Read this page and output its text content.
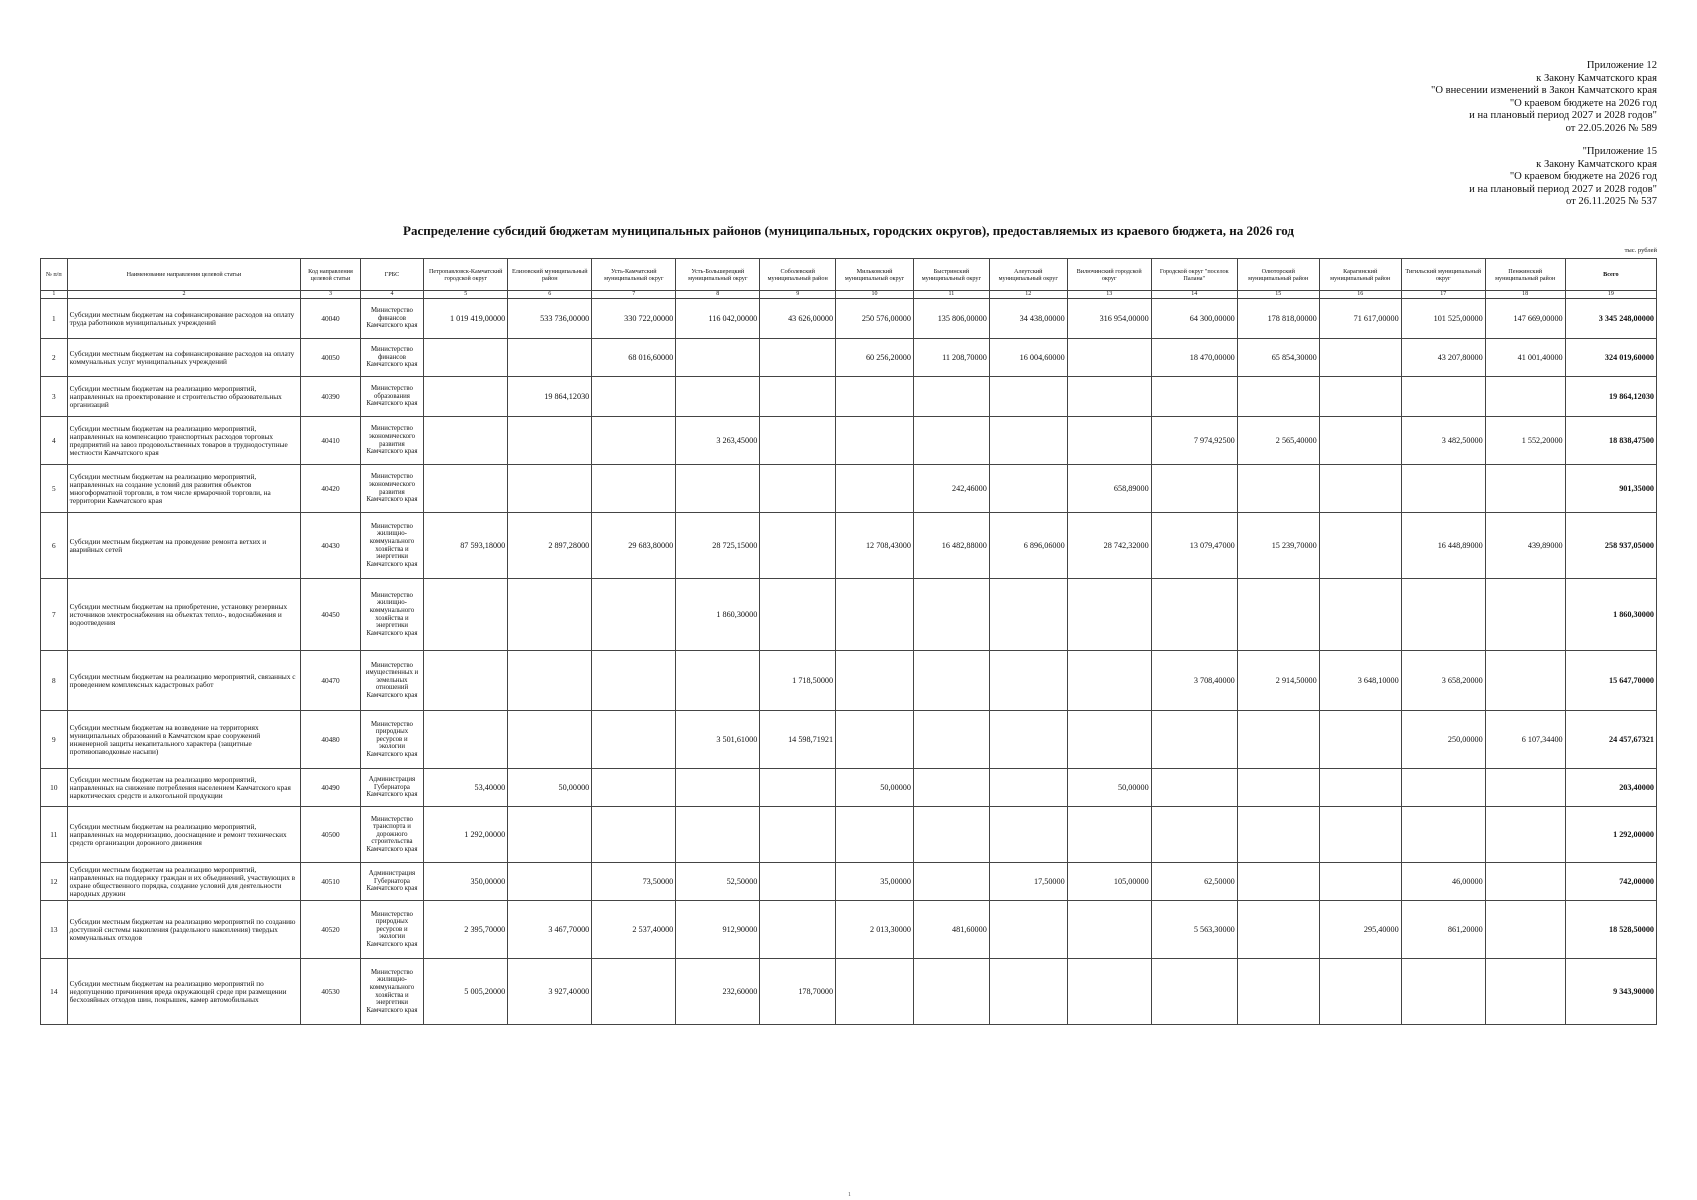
Приложение 12
к Закону Камчатского края
"О внесении изменений в Закон Камчатского края
"О краевом бюджете на 2026 год
и на плановый период 2027 и 2028 годов"
от 22.05.2026 № 589
"Приложение 15
к Закону Камчатского края
"О краевом бюджете на 2026 год
и на плановый период 2027 и 2028 годов"
от 26.11.2025 № 537
Распределение субсидий бюджетам муниципальных районов (муниципальных, городских округов), предоставляемых из краевого бюджета, на 2026 год
тыс. рублей
№ п/п	Наименование направления целевой статьи	Код направления целевой статьи	ГРБС	Петропавловск-Камчатский городской округ	Елизовский муниципальный район	Усть-Камчатский муниципальный округ	Усть-Большерецкий муниципальный округ	Соболевский муниципальный район	Мильковский муниципальный округ	Быстринский муниципальный округ	Алеутский муниципальный округ	Вилючинский городской округ	Городской округ "поселок Палана"	Олюторский муниципальный район	Карагинский муниципальный район	Тигильский муниципальный округ	Пенжинский муниципальный район	Всего
1	2	3	4	5	6	7	8	9	10	11	12	13	14	15	16	17	18	19
1	Субсидии местным бюджетам на софинансирование расходов на оплату труда работников муниципальных учреждений	40040	Министерство финансов Камчатского края	1 019 419,00000	533 736,00000	330 722,00000	116 042,00000	43 626,00000	250 576,00000	135 806,00000	34 438,00000	316 954,00000	64 300,00000	178 818,00000	71 617,00000	101 525,00000	147 669,00000	3 345 248,00000
2	Субсидии местным бюджетам на софинансирование расходов на оплату коммунальных услуг муниципальных учреждений	40050	Министерство финансов Камчатского края			68 016,60000			60 256,20000	11 208,70000	16 004,60000		18 470,00000	65 854,30000		43 207,80000	41 001,40000	324 019,60000
3	Субсидии местным бюджетам на реализацию мероприятий, направленных на проектирование и строительство образовательных организаций	40390	Министерство образования Камчатского края		19 864,12030													19 864,12030
4	Субсидии местным бюджетам на реализацию мероприятий, направленных на компенсацию транспортных расходов торговых предприятий на завоз продовольственных товаров в труднодоступные местности Камчатского края	40410	Министерство экономического развития Камчатского края				3 263,45000						7 974,92500	2 565,40000		3 482,50000	1 552,20000	18 838,47500
5	Субсидии местным бюджетам на реализацию мероприятий, направленных на создание условий для развития объектов многоформатной торговли, в том числе ярмарочной торговли, на территории Камчатского края	40420	Министерство экономического развития Камчатского края							242,46000		658,89000						901,35000
6	Субсидии местным бюджетам на проведение ремонта ветхих и аварийных сетей	40430	Министерство жилищно-коммунального хозяйства и энергетики Камчатского края	87 593,18000	2 897,28000	29 683,80000	28 725,15000		12 708,43000	16 482,88000	6 896,06000	28 742,32000	13 079,47000	15 239,70000		16 448,89000	439,89000	258 937,05000
7	Субсидии местным бюджетам на приобретение, установку резервных источников электроснабжения на объектах тепло-, водоснабжения и водоотведения	40450	Министерство жилищно-коммунального хозяйства и энергетики Камчатского края				1 860,30000											1 860,30000
8	Субсидии местным бюджетам на реализацию мероприятий, связанных с проведением комплексных кадастровых работ	40470	Министерство имущественных и земельных отношений Камчатского края					1 718,50000					3 708,40000	2 914,50000	3 648,10000	3 658,20000		15 647,70000
9	Субсидии местным бюджетам на возведение на территориях муниципальных образований в Камчатском крае сооружений инженерной защиты некапитального характера (защитные противопаводковые насыпи)	40480	Министерство природных ресурсов и экологии Камчатского края				3 501,61000	14 598,71921								250,00000	6 107,34400	24 457,67321
10	Субсидии местным бюджетам на реализацию мероприятий, направленных на снижение потребления населением Камчатского края наркотических средств и алкогольной продукции	40490	Администрация Губернатора Камчатского края	53,40000	50,00000				50,00000			50,00000						203,40000
11	Субсидии местным бюджетам на реализацию мероприятий, направленных на модернизацию, дооснащение и ремонт технических средств организации дорожного движения	40500	Министерство транспорта и дорожного строительства Камчатского края	1 292,00000														1 292,00000
12	Субсидии местным бюджетам на реализацию мероприятий, направленных на поддержку граждан и их объединений, участвующих в охране общественного порядка, создание условий для деятельности народных дружин	40510	Администрация Губернатора Камчатского края	350,00000		73,50000	52,50000		35,00000		17,50000	105,00000	62,50000			46,00000		742,00000
13	Субсидии местным бюджетам на реализацию мероприятий по созданию доступной системы накопления (раздельного накопления) твердых коммунальных отходов	40520	Министерство природных ресурсов и экологии Камчатского края	2 395,70000	3 467,70000	2 537,40000	912,90000		2 013,30000	481,60000			5 563,30000		295,40000	861,20000		18 528,50000
14	Субсидии местным бюджетам на реализацию мероприятий по недопущению причинения вреда окружающей среде при размещении бесхозяйных отходов шин, покрышек, камер автомобильных	40530	Министерство жилищно-коммунального хозяйства и энергетики Камчатского края	5 005,20000	3 927,40000		232,60000	178,70000										9 343,90000
1
